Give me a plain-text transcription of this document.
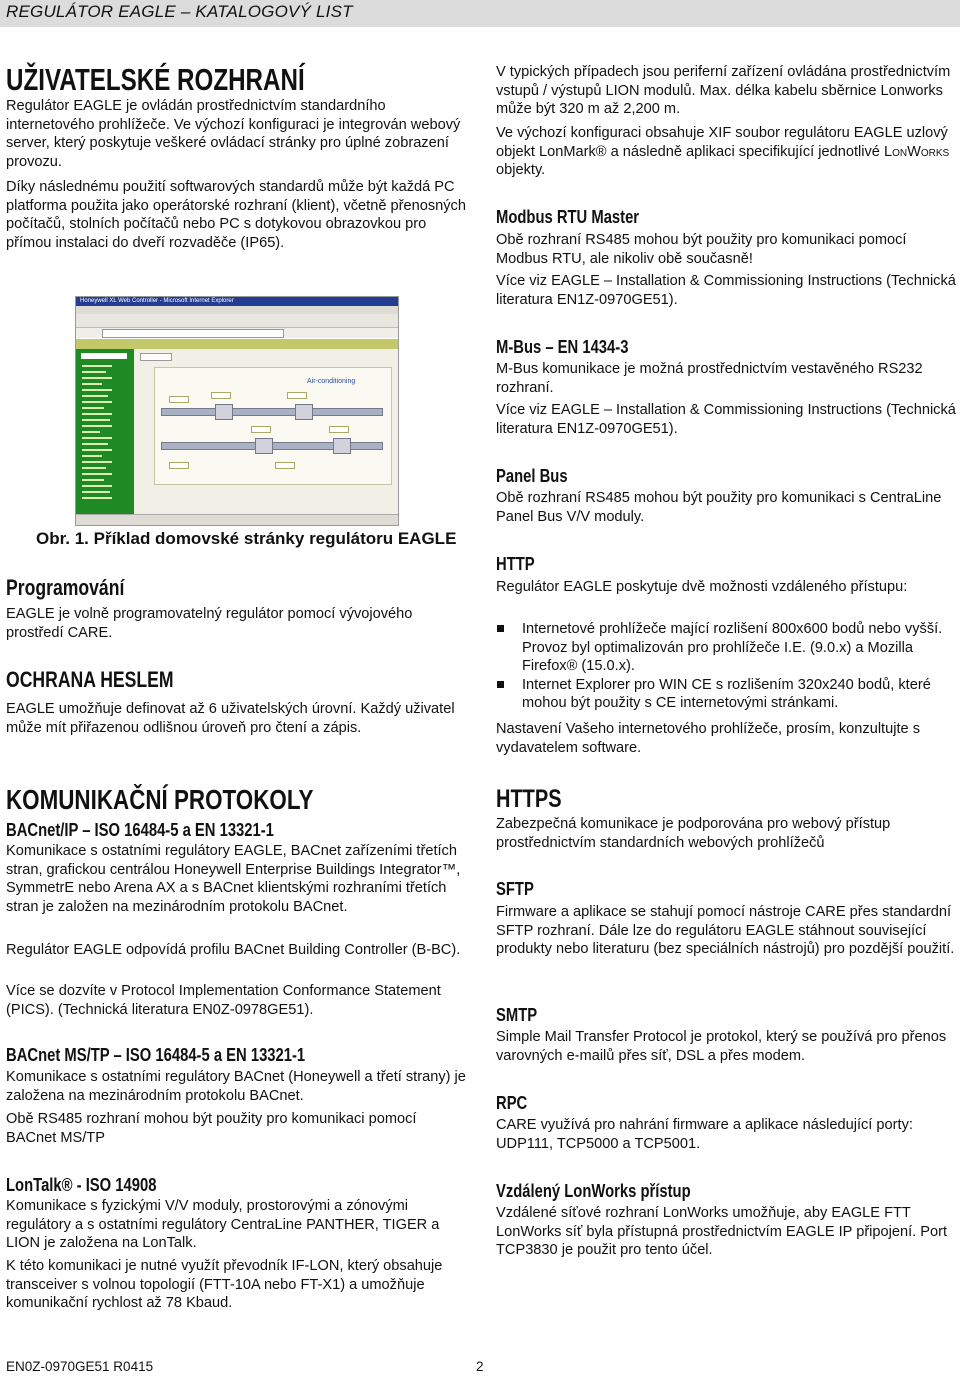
REGULÁTOR EAGLE – KATALOGOVÝ LIST
UŽIVATELSKÉ ROZHRANÍ

Regulátor EAGLE je ovládán prostřednictvím standardního internetového prohlížeče. Ve výchozí konfiguraci je integrován webový server, který poskytuje veškeré ovládací stránky pro úplné zobrazení provozu.

Díky následnému použití softwarových standardů může být každá PC platforma použita jako operátorské rozhraní (klient), včetně přenosných počítačů, stolních počítačů nebo PC s dotykovou obrazovkou pro přímou instalaci do dveří rozvaděče (IP65).

Obr. 1. Příklad domovské stránky regulátoru EAGLE
Programování

EAGLE je volně programovatelný regulátor pomocí vývojového prostředí CARE.

OCHRANA HESLEM

EAGLE umožňuje definovat až 6 uživatelských úrovní. Každý uživatel může mít přiřazenou odlišnou úroveň pro čtení a zápis.

KOMUNIKAČNÍ PROTOKOLY
BACnet/IP – ISO 16484-5 a EN 13321-1

Komunikace s ostatními regulátory EAGLE, BACnet zařízeními třetích stran, grafickou centrálou Honeywell Enterprise Buildings Integrator™, SymmetrE nebo Arena AX a s BACnet klientskými rozhraními třetích stran je založen na mezinárodním protokolu BACnet.

Regulátor EAGLE odpovídá profilu BACnet Building Controller (B-BC).

Více se dozvíte v Protocol Implementation Conformance Statement (PICS). (Technická literatura EN0Z-0978GE51).

BACnet MS/TP – ISO 16484-5 a EN 13321-1

Komunikace s ostatními regulátory BACnet (Honeywell a třetí strany) je založena na mezinárodním protokolu BACnet.

Obě RS485 rozhraní mohou být použity pro komunikaci pomocí BACnet MS/TP

LonTalk® - ISO 14908

Komunikace s fyzickými V/V moduly, prostorovými a zónovými regulátory a s ostatními regulátory CentraLine PANTHER, TIGER a LION je založena na LonTalk.

K této komunikaci je nutné využít převodník IF-LON, který obsahuje transceiver s volnou topologií (FTT-10A nebo FT-X1) a umožňuje komunikační rychlost až 78 Kbaud.

Honeywell XL Web Controller - Microsoft Internet Explorer
Air-conditioning

V typických případech jsou periferní zařízení ovládána prostřednictvím vstupů / výstupů LION modulů. Max. délka kabelu sběrnice Lonworks může být 320 m až 2,200 m.

Ve výchozí konfiguraci obsahuje XIF soubor regulátoru EAGLE uzlový objekt LonMark® a následně aplikaci specifikující jednotlivé LonWorks objekty.

Modbus RTU Master

Obě rozhraní RS485 mohou být použity pro komunikaci pomocí Modbus RTU, ale nikoliv obě současně!

Více viz EAGLE – Installation & Commissioning Instructions (Technická literatura EN1Z-0970GE51).

M-Bus – EN 1434-3

M-Bus komunikace je možná prostřednictvím vestavěného RS232 rozhraní.

Více viz EAGLE – Installation & Commissioning Instructions (Technická literatura EN1Z-0970GE51).

Panel Bus

Obě rozhraní RS485 mohou být použity pro komunikaci s CentraLine Panel Bus V/V moduly.

HTTP

Regulátor EAGLE poskytuje dvě možnosti vzdáleného přístupu:

Internetové prohlížeče mající rozlišení 800x600 bodů nebo vyšší. Provoz byl optimalizován pro prohlížeče I.E. (9.0.x) a Mozilla Firefox® (15.0.x).
Internet Explorer pro WIN CE s rozlišením 320x240 bodů, které mohou být použity s CE internetovými stránkami.

Nastavení Vašeho internetového prohlížeče, prosím, konzultujte s vydavatelem software.

HTTPS

Zabezpečná komunikace je podporována pro webový přístup prostřednictvím standardních webových prohlížečů

SFTP

Firmware a aplikace se stahují pomocí nástroje CARE přes standardní SFTP rozhraní. Dále lze do regulátoru EAGLE stáhnout související produkty nebo literaturu (bez speciálních nástrojů) pro pozdější použití.

SMTP

Simple Mail Transfer Protocol je protokol, který se používá pro přenos varovných e-mailů přes síť, DSL a přes modem.

RPC

CARE využívá pro nahrání firmware a aplikace následující porty: UDP111, TCP5000 a TCP5001.

Vzdálený LonWorks přístup

Vzdálené síťové rozhraní LonWorks umožňuje, aby EAGLE FTT LonWorks síť byla přístupná prostřednictvím EAGLE IP připojení. Port TCP3830 je použit pro tento účel.

EN0Z-0970GE51 R0415	2
